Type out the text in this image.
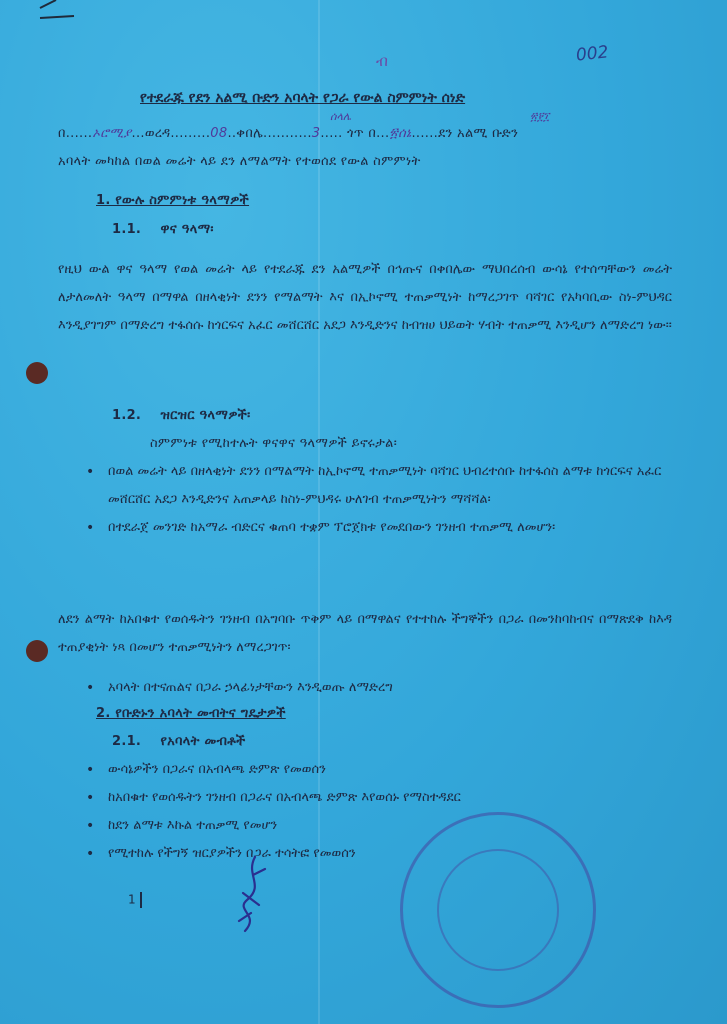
002
ብ
የተደራጁ የደን አልሚ ቡድን አባላት የጋራ የውል ስምምነት ሰነድ
በ......ኦሮሚያ...ወረዳ.........08..ቀበሌ...........3..... ጎጥ በ...፳ሰኔ......ደን አልሚ ቡድን
ሰላሌ	፳፻፲
አባላት መካከል በወል መሬት ላይ ደን ለማልማት የተወሰደ የውል ስምምነት
1. የውሉ ስምምነቱ ዓላማዎች
1.1. ዋና ዓላማ፡
የዚህ ውል ዋና ዓላማ የወል መሬት ላይ የተደራጁ ደን አልሚዎች በኅጡና በቀበሌው ማህበረሰብ ውሳኔ የተሰጣቸውን መሬት ለታለመለት ዓላማ በማዋል በዘላቂነት ደንን የማልማት እና በኢኮኖሚ ተጠቃሚነት ከማረጋገጥ ባሻገር የአካባቢው ስነ-ምህዳር እንዲያገግም በማድረግ ተፋሰሱ ከጎርፍና አፈር መሸርሸር አደጋ እንዲድንና ከብዝሀ ህይወት ሃብት ተጠቃሚ እንዲሆን ለማድረግ ነው፡፡
1.2. ዝርዝር ዓላማዎች፡
ስምምነቱ የሚከተሉት ዋናዋና ዓላማዎች ይኖሩታል፡
• በወል መሬት ላይ በዘላቂነት ደንን በማልማት ከኢኮኖሚ ተጠቃሚነት ባሻገር ህብረተሰቡ ከተፋሰስ ልማቱ ከጎርፍና አፈር መሸርሸር አደጋ እንዲድንና አጠቃላይ ከስነ-ምህዳሩ ሁለገብ ተጠቃሚነትን ማሻሻል፡
• በተደራጀ መንገድ ከአማራ ብድርና ቁጠባ ተቋም ፕሮጀክቱ የመደበውን ገንዘብ ተጠቃሚ ለመሆን፡
ለደን ልማት ከአበቁተ የወሰዱትን ገንዘብ በአግባቡ ጥቅም ላይ በማዋልና የተተከሉ ችግኞችን በጋራ በመንከባከብና በማጽደቅ ከእዳ ተጠያቂነት ነጻ በመሆን ተጠቃሚነትን ለማረጋገጥ፡
• አባላት በተናጠልና በጋራ ኃላፊነታቸውን እንዲወጡ ለማድረግ
2. የቡድኑን አባላት መብትና ግዴታዎች
2.1. የአባላት መብቶች
• ውሳኔዎችን በጋራና በአብላጫ ድምጽ የመወሰን
• ከአበቁተ የወሰዱትን ገንዘብ በጋራና በአብላጫ ድምጽ እየወሰኑ የማስተዳደር
• ከደን ልማቱ እኩል ተጠቃሚ የመሆን
• የሚተከሉ የችግኝ ዝርያዎችን በጋራ ተሳትፎ የመወሰን
1
